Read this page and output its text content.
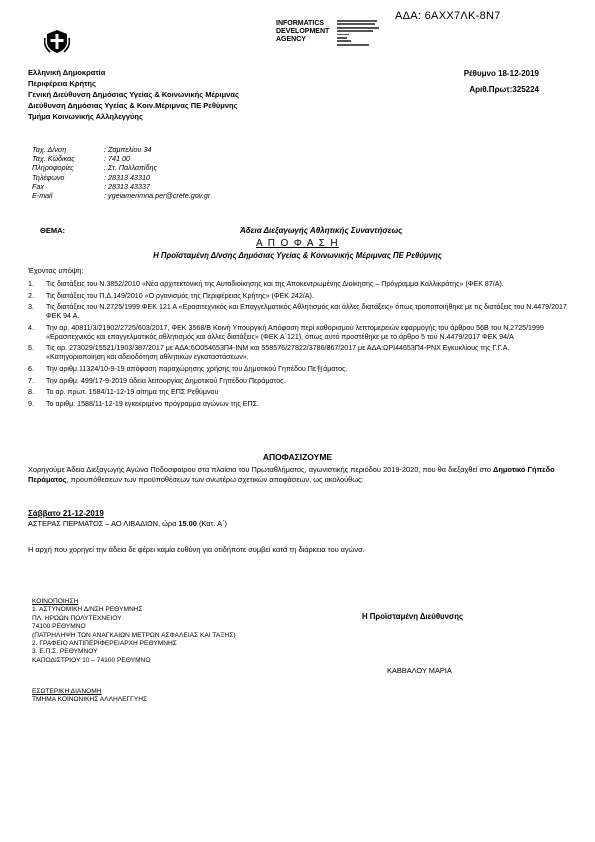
ΑΔΑ: 6ΑΧΧ7ΛΚ-8Ν7
INFORMATICS
DEVELOPMENT
AGENCY
Ελληνική Δημοκρατία
Περιφέρεια Κρήτης
Γενική Διεύθυνση Δημόσιας Υγείας & Κοινωνικής Μέριμνας
Διεύθυνση Δημόσιας Υγείας & Κοιν.Μέριμνας ΠΕ Ρεθύμνης
Τμήμα Κοινωνικής Αλληλεγγύης
Ρέθυμνο 18-12-2019
Αριθ.Πρωτ:325224
Ταχ. Δ/νση	: Ζαμπελίου 34
Ταχ. Κώδικας	: 741 00
Πληροφορίες	: Στ. Παλλαπίδης
Τηλέφωνο	: 28313 43310
Fax	: 28313 43337
E-mail	: ygeiamerimna.per@crete.gov.gr
ΘΕΜΑ:	Άδεια Διεξαγωγής Αθλητικής Συναντήσεως
Α Π Ο Φ Α Σ Η
Η Προϊσταμένη Δ/νσης Δημόσιας Υγείας & Κοινωνικής Μέριμνας ΠΕ Ρεθύμνης
Έχοντας υπόψη:
1.	Τις διατάξεις του Ν.3852/2010 «Νέα αρχιτεκτονική της Αυτοδιοίκησης και της Αποκεντρωμένης Διοίκησης – Πρόγραμμα Καλλικράτης» (ΦΕΚ 87/Α).
2.	Τις διατάξεις του Π.Δ.149/2010 «Ο ργανισμός της Περιφέρειας Κρήτης» (ΦΕΚ 242/Α).
3.	Τις διατάξεις του Ν.2725/1999 ΦΕΚ 121 Α «Ερασιτεχνικός και Επαγγελματικός Αθλητισμός και άλλες διατάξεις» όπως τροποποιήθηκε με τις διατάξεις του Ν.4479/2017 ΦΕΚ 94 Α.
4.	Την αρ. 40811/3/21902/2725/603/2017, ΦΕΚ 3568/Β Κοινή Υπουργική Απόφαση περί καθορισμού λεπτομερειών εφαρμογής του άρθρου 56Β του Ν.2725/1999 «Ερασιτεχνικός και επαγγελματικός αθλητισμός και άλλες διατάξεις» (ΦΕΚ Α΄121), όπως αυτό προστέθηκε με το άρθρο 5 του Ν.4479/2017 ΦΕΚ 94/Α
5.	Τις αρ. 273029/15521/1903/387/2017 με ΑΔΑ:6Ο054653Π4-ΙΝΜ και 558576/27822/3786/867/2017 με ΑΔΑ:ΩΡΙ44653Π4-ΡΝΧ Εγκυκλίους της Γ.Γ.Α. «Κατηγοριοποίηση και αδειοδότηση αθλητικών εγκαταστάσεων».
6.	Την αριθμ.11324/10-9-19 απόφαση παραχώρησης χρήσης του Δημοτικού Γηπέδου Πε有άματος.
7.	Την αριθμ. 499/17-9-2019 άδεια λειτουργίας Δημοτικού Γηπέδου Περάματος.
8.	Το αρ. πρωτ. 1584/11-12-19 αίτημα της ΕΠΣ Ρεθύμνου
9.	Το αριθμ. 1588/11-12-19 εγκεκριμένο πρόγραμμα αγώνων της ΕΠΣ.
ΑΠΟΦΑΣΙΖΟΥΜΕ
Χορηγούμε Άδεια Διεξαγωγής Αγώνα Ποδοσφαίρου στα πλαίσια του Πρωταθλήματος, αγωνιστικής περιόδου 2019-2020, που θα διεξαχθεί στο Δημοτικό Γήπεδο Περάματος, προυπόθεσεων των προϋποθέσεων των ανωτέρω σχετικών αποφάσεων, ως ακολούθως:
Σάββατο 21-12-2019
ΑΣΤΕΡΑΣ ΠΕΡΜΑΤΟΣ – ΑΟ ΛΙΒΑΔΙΩΝ, ώρα 15.00 (Κατ. Α΄)
Η αρχή που χορηγεί την άδεια δε φέρει καμία ευθύνη για οτιδήποτε συμβεί κατά τη διάρκεια του αγώνα.
ΚΟΙΝΟΠΟΙΗΣΗ
1. ΑΣΤΥΝΟΜΙΚΗ Δ/ΝΣΗ ΡΕΘΥΜΝΗΣ
ΠΛ. ΗΡΩΩΝ ΠΟΛΥΤΕΧΝΕΙΟΥ
74100 ΡΕΘΥΜΝΟ
(ΠΑΤΡΗΛΗΨΗ ΤΩΝ ΑΝΑΓΚΑΙΩΝ ΜΕΤΡΩΝ ΑΣΦΑΛΕΙΑΣ ΚΑΙ ΤΑΞΗΣ)
2. ΓΡΑΦΕΙΟ ΑΝΤΙΠΕΡΙΦΕΡΕΙΑΡΧΗ ΡΕΘΥΜΝΗΣ
3. Ε.Π.Σ. ΡΕΘΥΜΝΟΥ
ΚΑΠΟΔΙΣΤΡΙΟΥ 10 – 74100 ΡΕΘΥΜΝΟ
Η Προϊσταμένη Διεύθυνσης
ΚΑΒΒΑΛΟΥ ΜΑΡΙΑ
ΕΣΩΤΕΡΙΚΗ ΔΙΑΝΟΜΗ
ΤΜΗΜΑ ΚΟΙΝΩΝΙΚΗΣ ΑΛΛΗΛΕΓΓΥΗΣ
